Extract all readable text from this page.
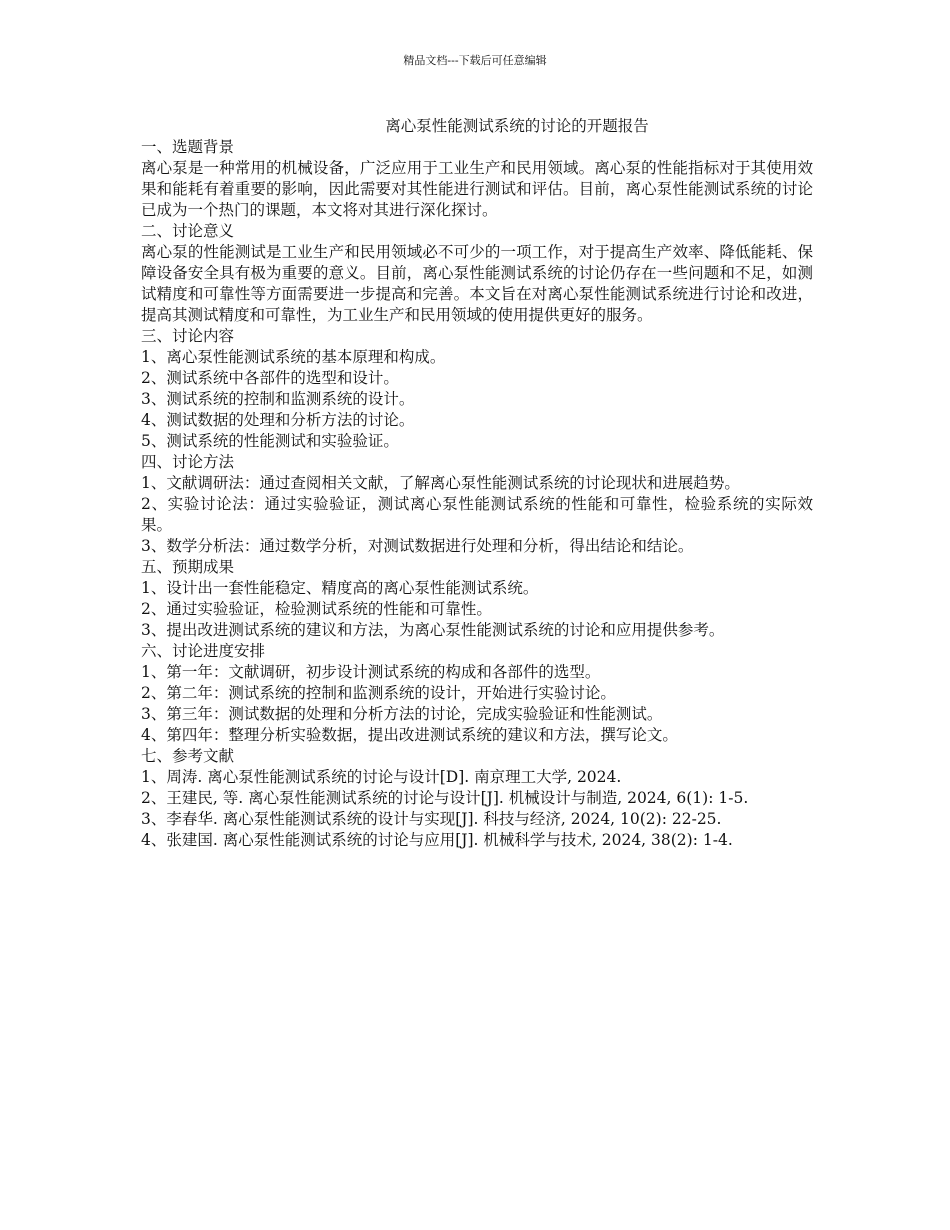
精品文档---下载后可任意编辑
离心泵性能测试系统的讨论的开题报告

一、选题背景

离心泵是一种常用的机械设备，广泛应用于工业生产和民用领域。离心泵的性能指标对于其使用效果和能耗有着重要的影响，因此需要对其性能进行测试和评估。目前，离心泵性能测试系统的讨论已成为一个热门的课题，本文将对其进行深化探讨。

二、讨论意义

离心泵的性能测试是工业生产和民用领域必不可少的一项工作，对于提高生产效率、降低能耗、保障设备安全具有极为重要的意义。目前，离心泵性能测试系统的讨论仍存在一些问题和不足，如测试精度和可靠性等方面需要进一步提高和完善。本文旨在对离心泵性能测试系统进行讨论和改进，提高其测试精度和可靠性，为工业生产和民用领域的使用提供更好的服务。

三、讨论内容

1、离心泵性能测试系统的基本原理和构成。

2、测试系统中各部件的选型和设计。

3、测试系统的控制和监测系统的设计。

4、测试数据的处理和分析方法的讨论。

5、测试系统的性能测试和实验验证。

四、讨论方法

1、文献调研法：通过查阅相关文献，了解离心泵性能测试系统的讨论现状和进展趋势。

2、实验讨论法：通过实验验证，测试离心泵性能测试系统的性能和可靠性，检验系统的实际效果。

3、数学分析法：通过数学分析，对测试数据进行处理和分析，得出结论和结论。

五、预期成果

1、设计出一套性能稳定、精度高的离心泵性能测试系统。

2、通过实验验证，检验测试系统的性能和可靠性。

3、提出改进测试系统的建议和方法，为离心泵性能测试系统的讨论和应用提供参考。

六、讨论进度安排

1、第一年：文献调研，初步设计测试系统的构成和各部件的选型。

2、第二年：测试系统的控制和监测系统的设计，开始进行实验讨论。

3、第三年：测试数据的处理和分析方法的讨论，完成实验验证和性能测试。

4、第四年：整理分析实验数据，提出改进测试系统的建议和方法，撰写论文。

七、参考文献

1、周涛. 离心泵性能测试系统的讨论与设计[D]. 南京理工大学, 2024.

2、王建民, 等. 离心泵性能测试系统的讨论与设计[J]. 机械设计与制造, 2024, 6(1): 1-5.

3、李春华. 离心泵性能测试系统的设计与实现[J]. 科技与经济, 2024, 10(2): 22-25.

4、张建国. 离心泵性能测试系统的讨论与应用[J]. 机械科学与技术, 2024, 38(2): 1-4.
